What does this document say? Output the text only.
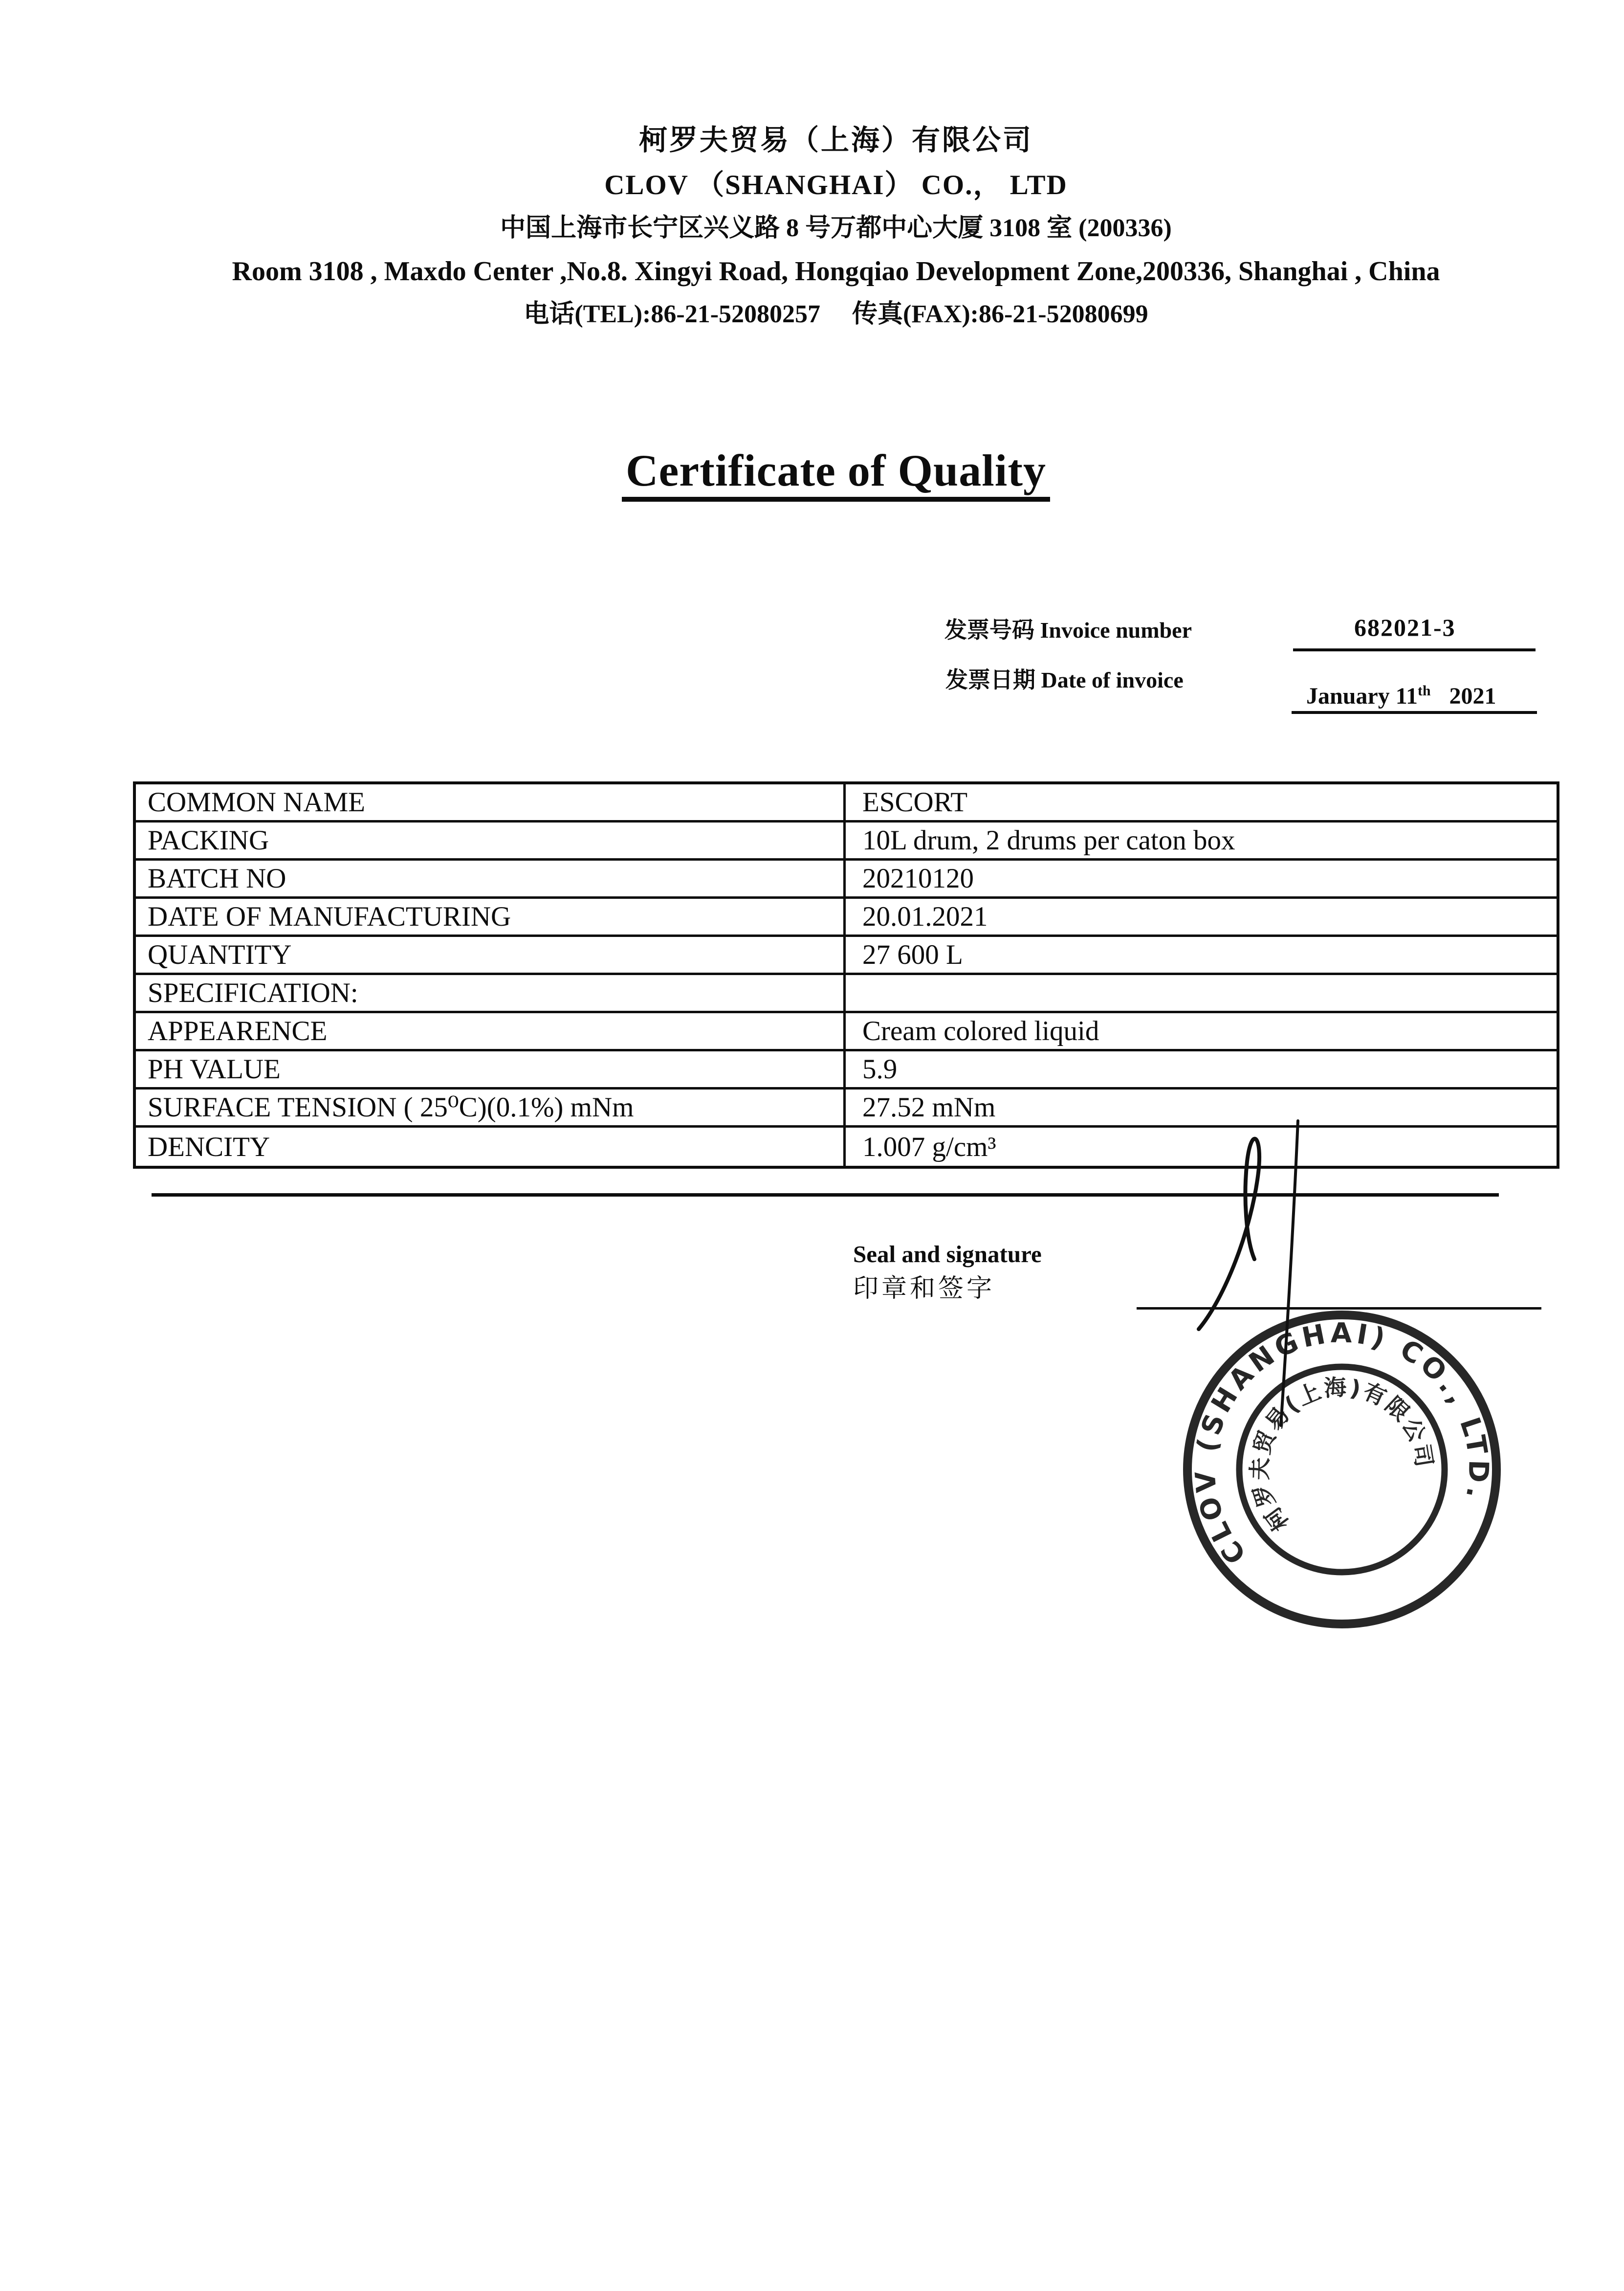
柯罗夫贸易（上海）有限公司
CLOV （SHANGHAI） CO.， LTD
中国上海市长宁区兴义路 8 号万都中心大厦 3108 室 (200336)
Room 3108 , Maxdo Center ,No.8. Xingyi Road, Hongqiao Development Zone,200336, Shanghai , China
电话(TEL):86-21-52080257　 传真(FAX):86-21-52080699
Certificate of Quality
发票号码 Invoice number	682021-3
发票日期 Date of invoice
January 11th 2021
COMMON NAME	ESCORT
PACKING	10L drum, 2 drums per caton box
BATCH NO	20210120
DATE OF MANUFACTURING	20.01.2021
QUANTITY	27 600 L
SPECIFICATION:
APPEARENCE	Cream colored liquid
PH VALUE	5.9
SURFACE TENSION ( 25⁰C)(0.1%) mNm	27.52 mNm
DENCITY	1.007 g/cm³
Seal and signature
印章和签字
CLOV (SHANGHAI) CO., LTD.
柯罗夫贸易(上海)有限公司
